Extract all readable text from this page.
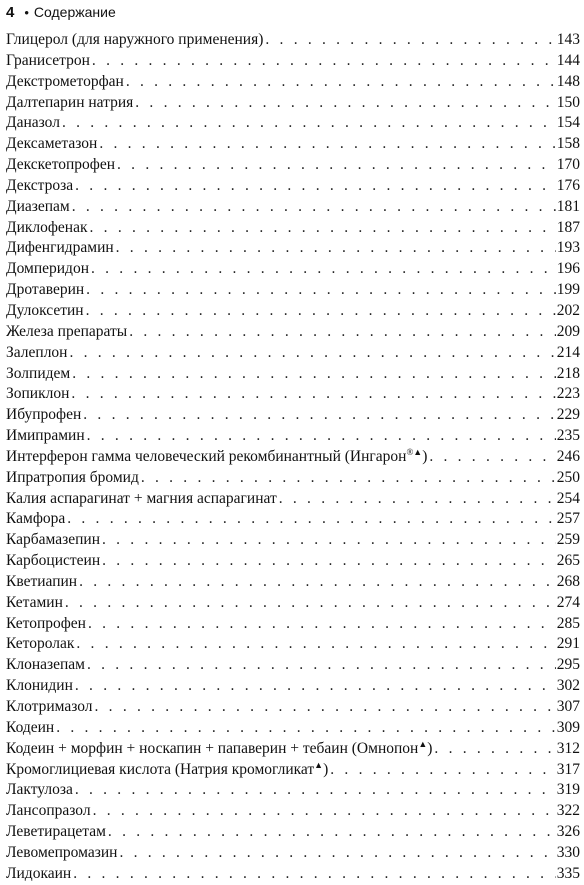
4 • Содержание
Глицерол (для наружного применения) . . .	143
Гранисетрон . . .	144
Декстрометорфан . . .	148
Далтепарин натрия . . .	150
Даназол . . .	154
Дексаметазон . . .	158
Декскетопрофен . . .	170
Декстроза . . .	176
Диазепам . . .	181
Диклофенак . . .	187
Дифенгидрамин . . .	193
Домперидон . . .	196
Дротаверин . . .	199
Дулоксетин . . .	202
Железа препараты . . .	209
Залеплон . . .	214
Золпидем . . .	218
Зопиклон . . .	223
Ибупрофен . . .	229
Имипрамин . . .	235
Интерферон гамма человеческий рекомбинантный (Ингарон®▲) . . .	246
Ипратропия бромид . . .	250
Калия аспарагинат + магния аспарагинат . . .	254
Камфора . . .	257
Карбамазепин . . .	259
Карбоцистеин . . .	265
Кветиапин . . .	268
Кетамин . . .	274
Кетопрофен . . .	285
Кеторолак . . .	291
Клоназепам . . .	295
Клонидин . . .	302
Клотримазол . . .	307
Кодеин . . .	309
Кодеин + морфин + носкапин + папаверин + тебаин (Омнопон▲) . . .	312
Кромоглициевая кислота (Натрия кромогликат▲) . . .	317
Лактулоза . . .	319
Лансопразол . . .	322
Леветирацетам . . .	326
Левомепромазин . . .	330
Лидокаин . . .	335
